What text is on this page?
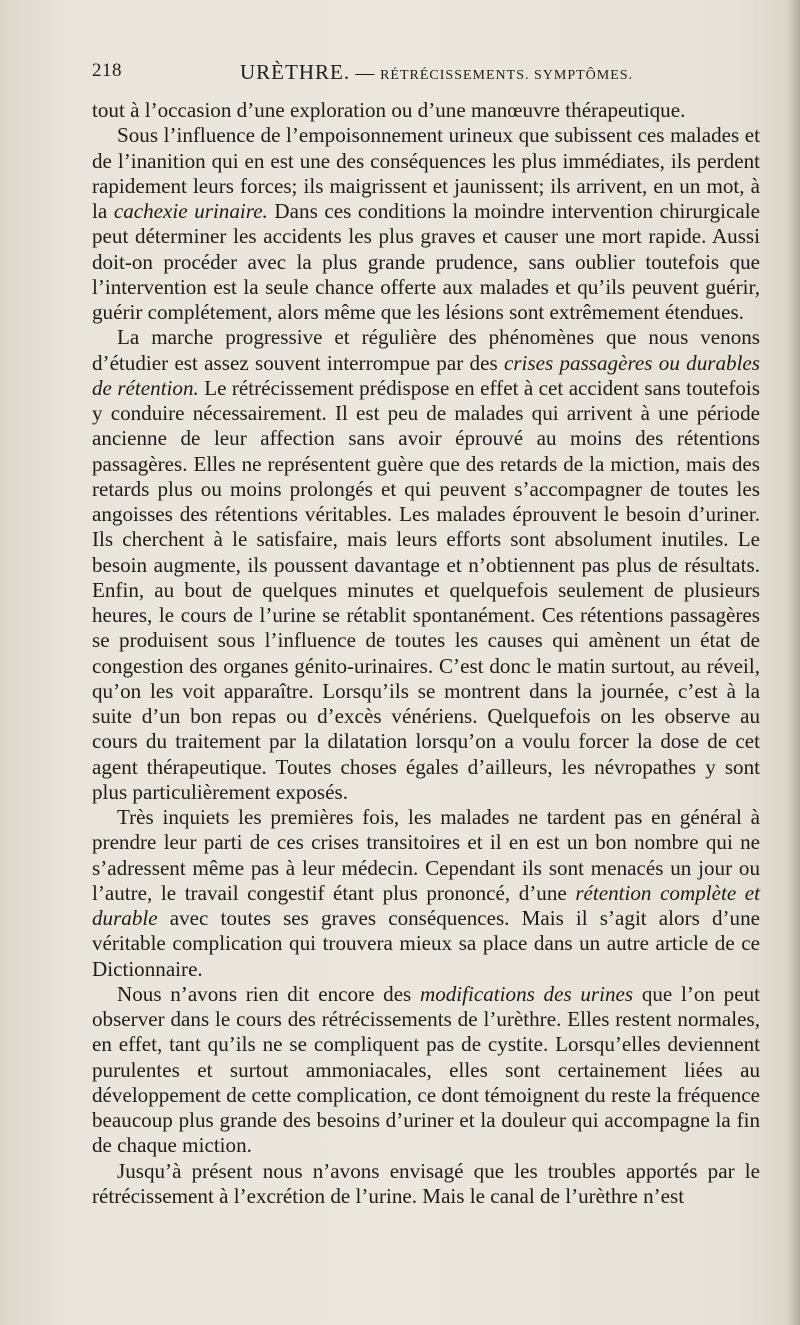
218	URÈTHRE. — RÉTRÉCISSEMENTS. SYMPTÔMES.

tout à l’occasion d’une exploration ou d’une manœuvre thérapeutique.

Sous l’influence de l’empoisonnement urineux que subissent ces malades et de l’inanition qui en est une des conséquences les plus immédiates, ils perdent rapidement leurs forces; ils maigrissent et jaunissent; ils arrivent, en un mot, à la cachexie urinaire. Dans ces conditions la moindre intervention chirurgicale peut déterminer les accidents les plus graves et causer une mort rapide. Aussi doit-on procéder avec la plus grande prudence, sans oublier toutefois que l’intervention est la seule chance offerte aux malades et qu’ils peuvent guérir, guérir complétement, alors même que les lésions sont extrêmement étendues.

La marche progressive et régulière des phénomènes que nous venons d’étudier est assez souvent interrompue par des crises passagères ou durables de rétention. Le rétrécissement prédispose en effet à cet accident sans toutefois y conduire nécessairement. Il est peu de malades qui arrivent à une période ancienne de leur affection sans avoir éprouvé au moins des rétentions passagères. Elles ne représentent guère que des retards de la miction, mais des retards plus ou moins prolongés et qui peuvent s’accompagner de toutes les angoisses des rétentions véritables. Les malades éprouvent le besoin d’uriner. Ils cherchent à le satisfaire, mais leurs efforts sont absolument inutiles. Le besoin augmente, ils poussent davantage et n’obtiennent pas plus de résultats. Enfin, au bout de quelques minutes et quelquefois seulement de plusieurs heures, le cours de l’urine se rétablit spontanément. Ces rétentions passagères se produisent sous l’influence de toutes les causes qui amènent un état de congestion des organes génito-urinaires. C’est donc le matin surtout, au réveil, qu’on les voit apparaître. Lorsqu’ils se montrent dans la journée, c’est à la suite d’un bon repas ou d’excès vénériens. Quelquefois on les observe au cours du traitement par la dilatation lorsqu’on a voulu forcer la dose de cet agent thérapeutique. Toutes choses égales d’ailleurs, les névropathes y sont plus particulièrement exposés.

Très inquiets les premières fois, les malades ne tardent pas en général à prendre leur parti de ces crises transitoires et il en est un bon nombre qui ne s’adressent même pas à leur médecin. Cependant ils sont menacés un jour ou l’autre, le travail congestif étant plus prononcé, d’une rétention complète et durable avec toutes ses graves conséquences. Mais il s’agit alors d’une véritable complication qui trouvera mieux sa place dans un autre article de ce Dictionnaire.

Nous n’avons rien dit encore des modifications des urines que l’on peut observer dans le cours des rétrécissements de l’urèthre. Elles restent normales, en effet, tant qu’ils ne se compliquent pas de cystite. Lorsqu’elles deviennent purulentes et surtout ammoniacales, elles sont certainement liées au développement de cette complication, ce dont témoignent du reste la fréquence beaucoup plus grande des besoins d’uriner et la douleur qui accompagne la fin de chaque miction.

Jusqu’à présent nous n’avons envisagé que les troubles apportés par le rétrécissement à l’excrétion de l’urine. Mais le canal de l’urèthre n’est
